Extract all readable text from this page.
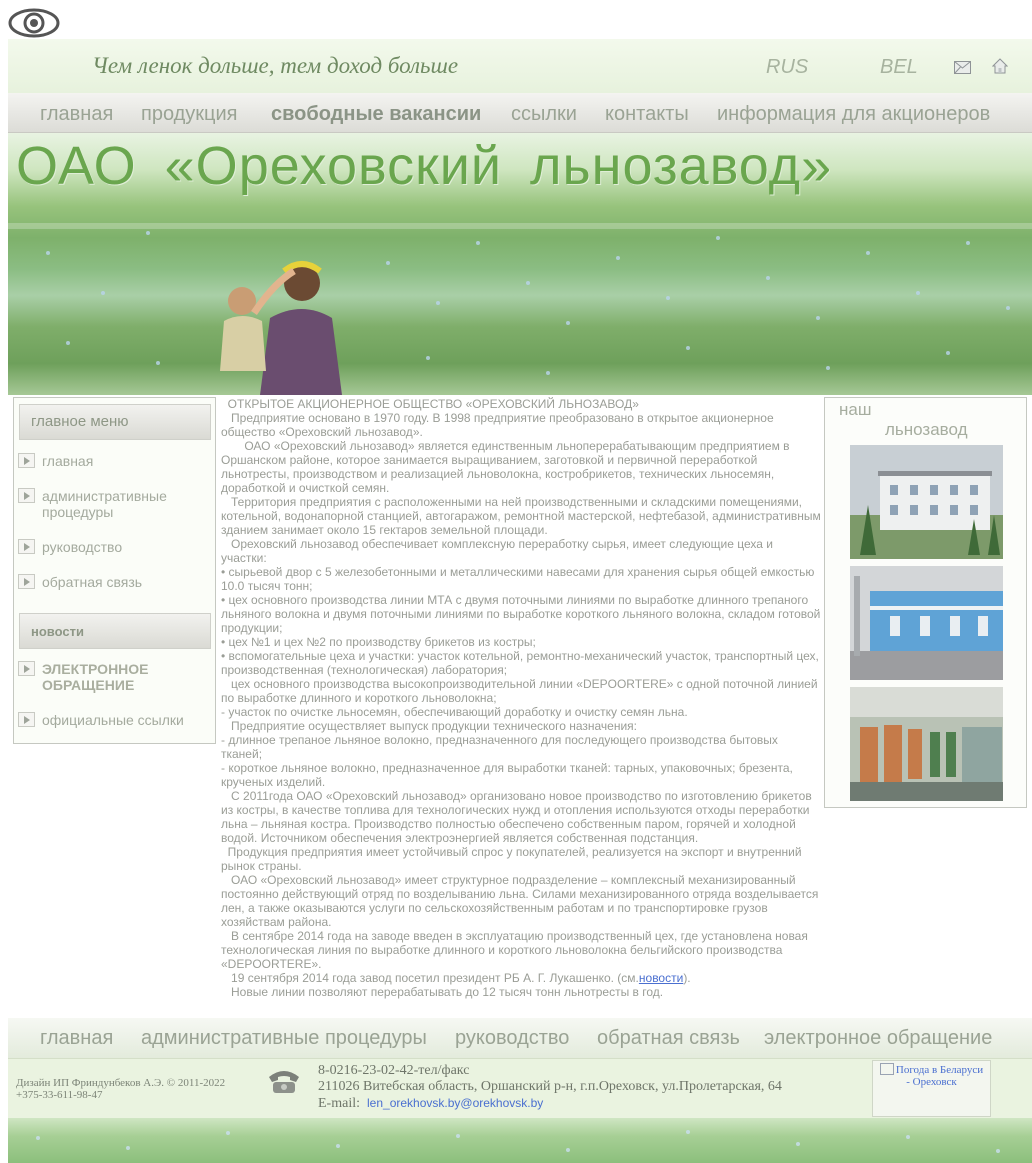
Чем ленок дольше, тем доход больше	RUS	BEL
главная продукция свободные вакансии ссылки контакты информация для акционеров
ОАО «Ореховский льнозавод»
главное меню
главная
административные процедуры
руководство
обратная связь
новости
ЭЛЕКТРОННОЕ ОБРАЩЕНИЕ
официальные ссылки

ОТКРЫТОЕ АКЦИОНЕРНОЕ ОБЩЕСТВО «ОРЕХОВСКИЙ ЛЬНОЗАВОД»

Предприятие основано в 1970 году. В 1998 предприятие преобразовано в открытое акционерное общество «Ореховский льнозавод».

ОАО «Ореховский льнозавод» является единственным льноперерабатывающим предприятием в Оршанском районе, которое занимается выращиванием, заготовкой и первичной переработкой льнотресты, производством и реализацией льноволокна, костробрикетов, технических льносемян, доработкой и очисткой семян.

Территория предприятия с расположенными на ней производственными и складскими помещениями, котельной, водонапорной станцией, автогаражом, ремонтной мастерской, нефтебазой, административным зданием занимает около 15 гектаров земельной площади.

Ореховский льнозавод обеспечивает комплексную переработку сырья, имеет следующие цеха и участки:

• сырьевой двор с 5 железобетонными и металлическими навесами для хранения сырья общей емкостью 10.0 тысяч тонн;

• цех основного производства линии МТА с двумя поточными линиями по выработке длинного трепаного льняного волокна и двумя поточными линиями по выработке короткого льняного волокна, складом готовой продукции;

• цех №1 и цех №2 по производству брикетов из костры;

• вспомогательные цеха и участки: участок котельной, ремонтно-механический участок, транспортный цех, производственная (технологическая) лаборатория;

цех основного производства высокопроизводительной линии «DEPOORTERE» с одной поточной линией по выработке длинного и короткого льноволокна;

- участок по очистке льносемян, обеспечивающий доработку и очистку семян льна.

Предприятие осуществляет выпуск продукции технического назначения:

- длинное трепаное льняное волокно, предназначенного для последующего производства бытовых тканей;

- короткое льняное волокно, предназначенное для выработки тканей: тарных, упаковочных; брезента, крученых изделий.

С 2011года ОАО «Ореховский льнозавод» организовано новое производство по изготовлению брикетов из костры, в качестве топлива для технологических нужд и отопления используются отходы переработки льна – льняная костра. Производство полностью обеспечено собственным паром, горячей и холодной водой. Источником обеспечения электроэнергией является собственная подстанция.

Продукция предприятия имеет устойчивый спрос у покупателей, реализуется на экспорт и внутренний рынок страны.

ОАО «Ореховский льнозавод» имеет структурное подразделение – комплексный механизированный постоянно действующий отряд по возделыванию льна. Силами механизированного отряда возделывается лен, а также оказываются услуги по сельскохозяйственным работам и по транспортировке грузов хозяйствам района.

В сентябре 2014 года на заводе введен в эксплуатацию производственный цех, где установлена новая технологическая линия по выработке длинного и короткого льноволокна бельгийского производства «DEPOORTERE».

19 сентября 2014 года завод посетил президент РБ А. Г. Лукашенко. (см.новости).

Новые линии позволяют перерабатывать до 12 тысяч тонн льнотресты в год.

наш
льнозавод
главная административные процедуры руководство обратная связь электронное обращение
Дизайн ИП Фриндунбеков А.Э. © 2011-2022
+375-33-611-98-47
8-0216-23-02-42-тел/факс
211026 Витебская область, Оршанский р-н, г.п.Ореховск, ул.Пролетарская, 64
E-mail: len_orekhovsk.by@orekhovsk.by
Погода в Беларуси - Ореховск
